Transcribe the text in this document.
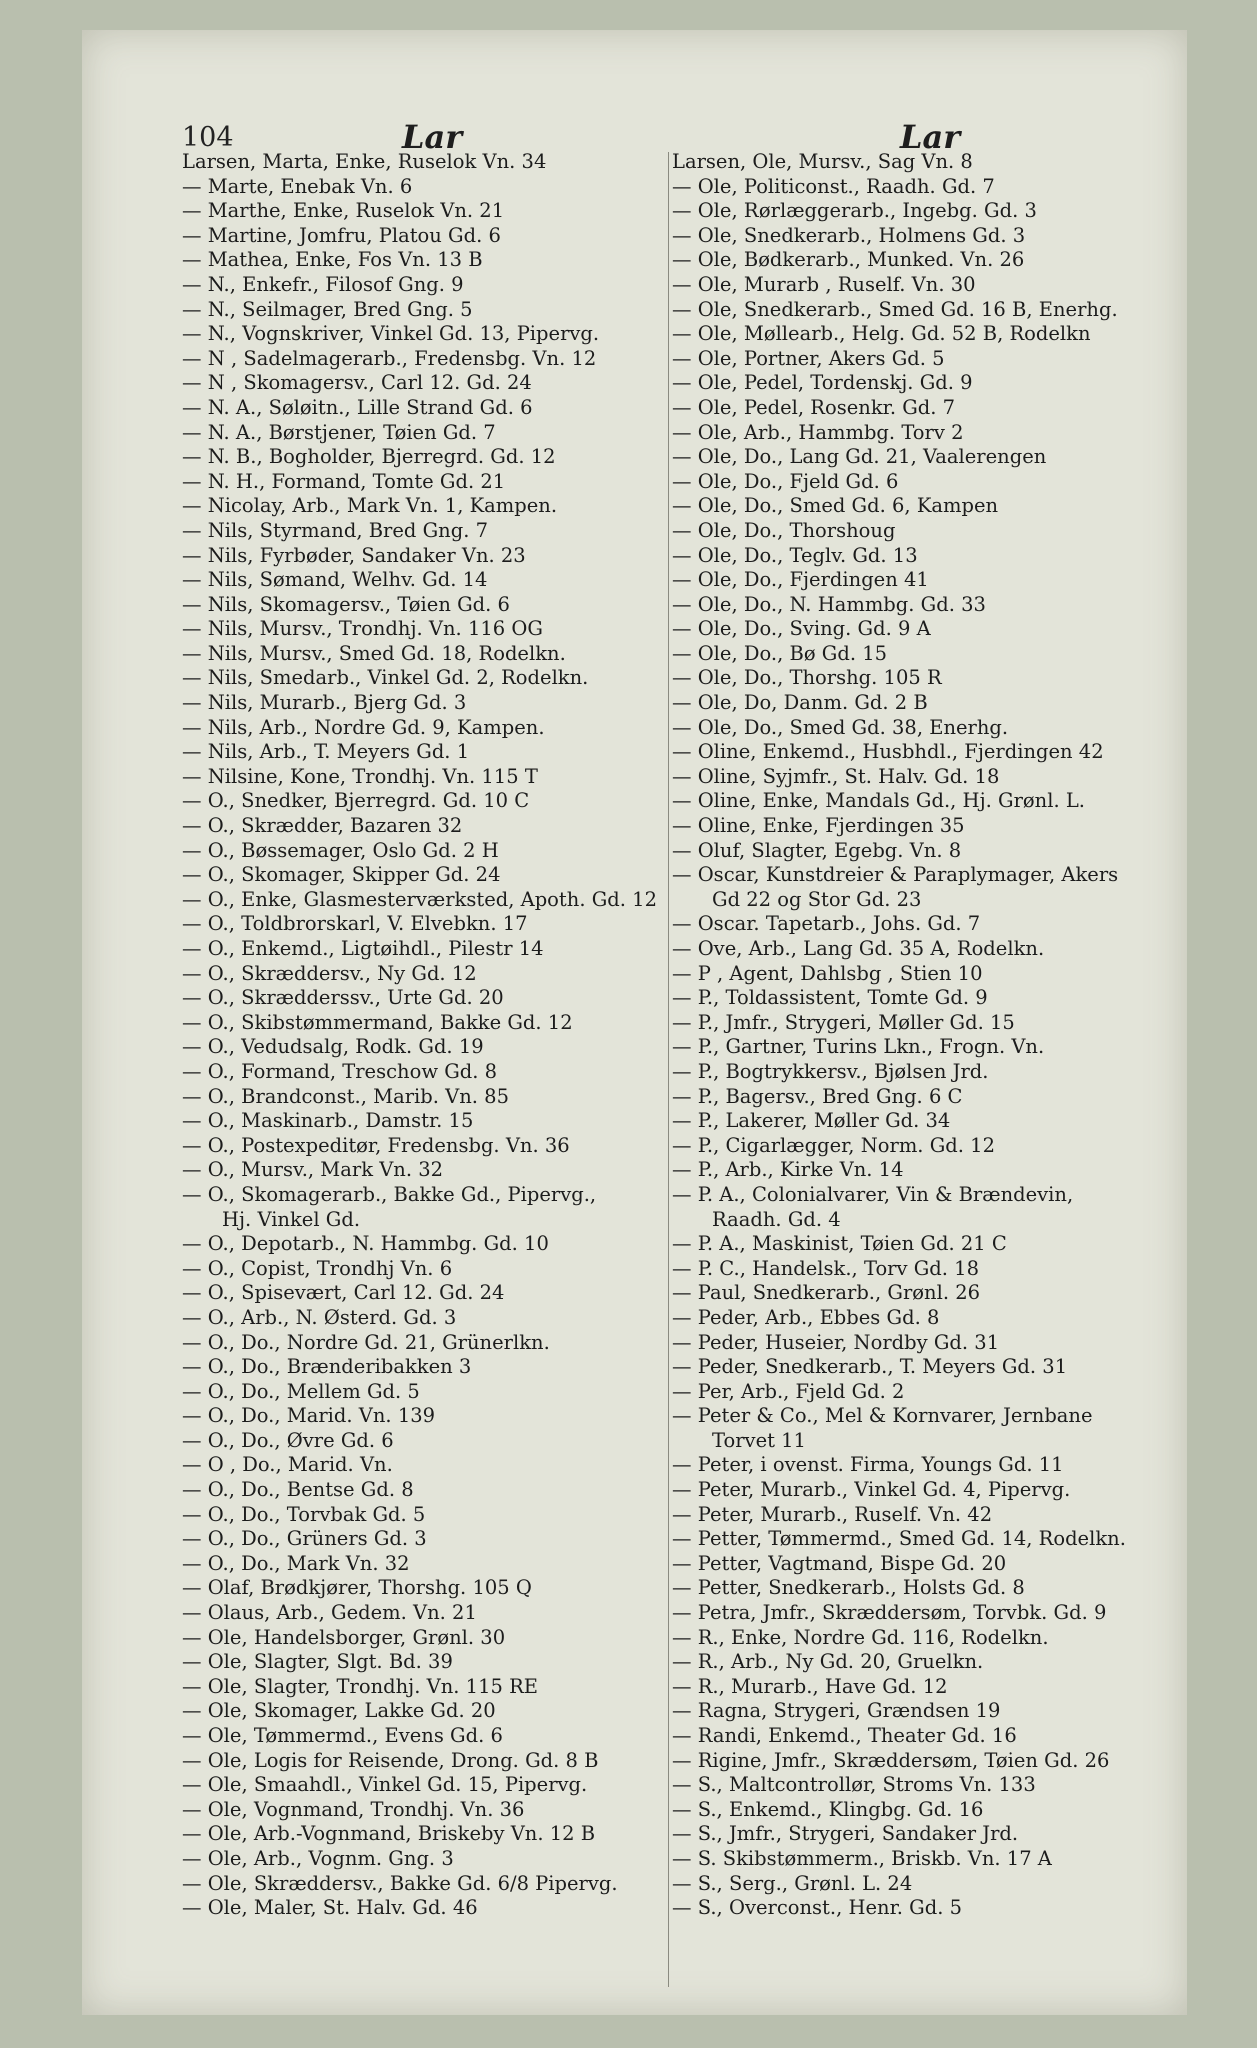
104	Lar	Lar
Larsen, Marta, Enke, Ruselok Vn. 34
— Marte, Enebak Vn. 6
— Marthe, Enke, Ruselok Vn. 21
— Martine, Jomfru, Platou Gd. 6
— Mathea, Enke, Fos Vn. 13 B
— N., Enkefr., Filosof Gng. 9
— N., Seilmager, Bred Gng. 5
— N., Vognskriver, Vinkel Gd. 13, Pipervg.
— N , Sadelmagerarb., Fredensbg. Vn. 12
— N , Skomagersv., Carl 12. Gd. 24
— N. A., Søløitn., Lille Strand Gd. 6
— N. A., Børstjener, Tøien Gd. 7
— N. B., Bogholder, Bjerregrd. Gd. 12
— N. H., Formand, Tomte Gd. 21
— Nicolay, Arb., Mark Vn. 1, Kampen.
— Nils, Styrmand, Bred Gng. 7
— Nils, Fyrbøder, Sandaker Vn. 23
— Nils, Sømand, Welhv. Gd. 14
— Nils, Skomagersv., Tøien Gd. 6
— Nils, Mursv., Trondhj. Vn. 116 OG
— Nils, Mursv., Smed Gd. 18, Rodelkn.
— Nils, Smedarb., Vinkel Gd. 2, Rodelkn.
— Nils, Murarb., Bjerg Gd. 3
— Nils, Arb., Nordre Gd. 9, Kampen.
— Nils, Arb., T. Meyers Gd. 1
— Nilsine, Kone, Trondhj. Vn. 115 T
— O., Snedker, Bjerregrd. Gd. 10 C
— O., Skrædder, Bazaren 32
— O., Bøssemager, Oslo Gd. 2 H
— O., Skomager, Skipper Gd. 24
— O., Enke, Glasmesterværksted, Apoth. Gd. 12
— O., Toldbrorskarl, V. Elvebkn. 17
— O., Enkemd., Ligtøihdl., Pilestr 14
— O., Skræddersv., Ny Gd. 12
— O., Skrædderssv., Urte Gd. 20
— O., Skibstømmermand, Bakke Gd. 12
— O., Vedudsalg, Rodk. Gd. 19
— O., Formand, Treschow Gd. 8
— O., Brandconst., Marib. Vn. 85
— O., Maskinarb., Damstr. 15
— O., Postexpeditør, Fredensbg. Vn. 36
— O., Mursv., Mark Vn. 32
— O., Skomagerarb., Bakke Gd., Pipervg.,
Hj. Vinkel Gd.
— O., Depotarb., N. Hammbg. Gd. 10
— O., Copist, Trondhj Vn. 6
— O., Spisevært, Carl 12. Gd. 24
— O., Arb., N. Østerd. Gd. 3
— O., Do., Nordre Gd. 21, Grünerlkn.
— O., Do., Brænderibakken 3
— O., Do., Mellem Gd. 5
— O., Do., Marid. Vn. 139
— O., Do., Øvre Gd. 6
— O , Do., Marid. Vn.
— O., Do., Bentse Gd. 8
— O., Do., Torvbak Gd. 5
— O., Do., Grüners Gd. 3
— O., Do., Mark Vn. 32
— Olaf, Brødkjører, Thorshg. 105 Q
— Olaus, Arb., Gedem. Vn. 21
— Ole, Handelsborger, Grønl. 30
— Ole, Slagter, Slgt. Bd. 39
— Ole, Slagter, Trondhj. Vn. 115 RE
— Ole, Skomager, Lakke Gd. 20
— Ole, Tømmermd., Evens Gd. 6
— Ole, Logis for Reisende, Drong. Gd. 8 B
— Ole, Smaahdl., Vinkel Gd. 15, Pipervg.
— Ole, Vognmand, Trondhj. Vn. 36
— Ole, Arb.-Vognmand, Briskeby Vn. 12 B
— Ole, Arb., Vognm. Gng. 3
— Ole, Skræddersv., Bakke Gd. 6/8 Pipervg.
— Ole, Maler, St. Halv. Gd. 46
Larsen, Ole, Mursv., Sag Vn. 8
— Ole, Politiconst., Raadh. Gd. 7
— Ole, Rørlæggerarb., Ingebg. Gd. 3
— Ole, Snedkerarb., Holmens Gd. 3
— Ole, Bødkerarb., Munked. Vn. 26
— Ole, Murarb , Ruself. Vn. 30
— Ole, Snedkerarb., Smed Gd. 16 B, Enerhg.
— Ole, Møllearb., Helg. Gd. 52 B, Rodelkn
— Ole, Portner, Akers Gd. 5
— Ole, Pedel, Tordenskj. Gd. 9
— Ole, Pedel, Rosenkr. Gd. 7
— Ole, Arb., Hammbg. Torv 2
— Ole, Do., Lang Gd. 21, Vaalerengen
— Ole, Do., Fjeld Gd. 6
— Ole, Do., Smed Gd. 6, Kampen
— Ole, Do., Thorshoug
— Ole, Do., Teglv. Gd. 13
— Ole, Do., Fjerdingen 41
— Ole, Do., N. Hammbg. Gd. 33
— Ole, Do., Sving. Gd. 9 A
— Ole, Do., Bø Gd. 15
— Ole, Do., Thorshg. 105 R
— Ole, Do, Danm. Gd. 2 B
— Ole, Do., Smed Gd. 38, Enerhg.
— Oline, Enkemd., Husbhdl., Fjerdingen 42
— Oline, Syjmfr., St. Halv. Gd. 18
— Oline, Enke, Mandals Gd., Hj. Grønl. L.
— Oline, Enke, Fjerdingen 35
— Oluf, Slagter, Egebg. Vn. 8
— Oscar, Kunstdreier & Paraplymager, Akers
Gd 22 og Stor Gd. 23
— Oscar. Tapetarb., Johs. Gd. 7
— Ove, Arb., Lang Gd. 35 A, Rodelkn.
— P , Agent, Dahlsbg , Stien 10
— P., Toldassistent, Tomte Gd. 9
— P., Jmfr., Strygeri, Møller Gd. 15
— P., Gartner, Turins Lkn., Frogn. Vn.
— P., Bogtrykkersv., Bjølsen Jrd.
— P., Bagersv., Bred Gng. 6 C
— P., Lakerer, Møller Gd. 34
— P., Cigarlægger, Norm. Gd. 12
— P., Arb., Kirke Vn. 14
— P. A., Colonialvarer, Vin & Brændevin,
Raadh. Gd. 4
— P. A., Maskinist, Tøien Gd. 21 C
— P. C., Handelsk., Torv Gd. 18
— Paul, Snedkerarb., Grønl. 26
— Peder, Arb., Ebbes Gd. 8
— Peder, Huseier, Nordby Gd. 31
— Peder, Snedkerarb., T. Meyers Gd. 31
— Per, Arb., Fjeld Gd. 2
— Peter & Co., Mel & Kornvarer, Jernbane
Torvet 11
— Peter, i ovenst. Firma, Youngs Gd. 11
— Peter, Murarb., Vinkel Gd. 4, Pipervg.
— Peter, Murarb., Ruself. Vn. 42
— Petter, Tømmermd., Smed Gd. 14, Rodelkn.
— Petter, Vagtmand, Bispe Gd. 20
— Petter, Snedkerarb., Holsts Gd. 8
— Petra, Jmfr., Skræddersøm, Torvbk. Gd. 9
— R., Enke, Nordre Gd. 116, Rodelkn.
— R., Arb., Ny Gd. 20, Gruelkn.
— R., Murarb., Have Gd. 12
— Ragna, Strygeri, Grændsen 19
— Randi, Enkemd., Theater Gd. 16
— Rigine, Jmfr., Skræddersøm, Tøien Gd. 26
— S., Maltcontrollør, Stroms Vn. 133
— S., Enkemd., Klingbg. Gd. 16
— S., Jmfr., Strygeri, Sandaker Jrd.
— S. Skibstømmerm., Briskb. Vn. 17 A
— S., Serg., Grønl. L. 24
— S., Overconst., Henr. Gd. 5
